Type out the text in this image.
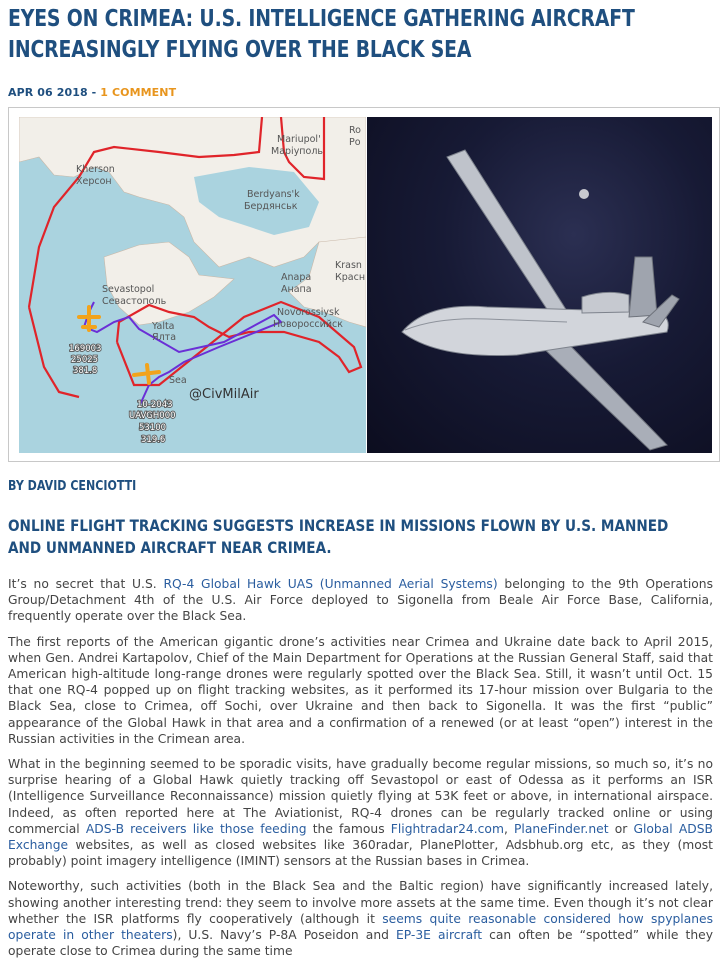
EYES ON CRIMEA: U.S. INTELLIGENCE GATHERING AIRCRAFT INCREASINGLY FLYING OVER THE BLACK SEA
APR 06 2018 - 1 COMMENT
Kherson
Херсон
Mariupol'
Маріуполь
Ro
Ро
Berdyans'k
Бердянськ
Krasn
Красн
Anapa
Анапа
Sevastopol
Севастополь
Yalta
Ялта
Novorossiysk
Новороссийск
Sea
@CivMilAir
169003
25025
381.8
10-2043
UAVGH000
53100
319.6
BY DAVID CENCIOTTI
ONLINE FLIGHT TRACKING SUGGESTS INCREASE IN MISSIONS FLOWN BY U.S. MANNED AND UNMANNED AIRCRAFT NEAR CRIMEA.

It’s no secret that U.S. RQ-4 Global Hawk UAS (Unmanned Aerial Systems) belonging to the 9th Operations Group/Detachment 4th of the U.S. Air Force deployed to Sigonella from Beale Air Force Base, California, frequently operate over the Black Sea.

The first reports of the American gigantic drone’s activities near Crimea and Ukraine date back to April 2015, when Gen. Andrei Kartapolov, Chief of the Main Department for Operations at the Russian General Staff, said that American high-altitude long-range drones were regularly spotted over the Black Sea. Still, it wasn’t until Oct. 15 that one RQ-4 popped up on flight tracking websites, as it performed its 17-hour mission over Bulgaria to the Black Sea, close to Crimea, off Sochi, over Ukraine and then back to Sigonella. It was the first “public” appearance of the Global Hawk in that area and a confirmation of a renewed (or at least “open”) interest in the Russian activities in the Crimean area.

What in the beginning seemed to be sporadic visits, have gradually become regular missions, so much so, it’s no surprise hearing of a Global Hawk quietly tracking off Sevastopol or east of Odessa as it performs an ISR (Intelligence Surveillance Reconnaissance) mission quietly flying at 53K feet or above, in international airspace. Indeed, as often reported here at The Aviationist, RQ-4 drones can be regularly tracked online or using commercial ADS-B receivers like those feeding the famous Flightradar24.com, PlaneFinder.net or Global ADSB Exchange websites, as well as closed websites like 360radar, PlanePlotter, Adsbhub.org etc, as they (most probably) point imagery intelligence (IMINT) sensors at the Russian bases in Crimea.

Noteworthy, such activities (both in the Black Sea and the Baltic region) have significantly increased lately, showing another interesting trend: they seem to involve more assets at the same time. Even though it’s not clear whether the ISR platforms fly cooperatively (although it seems quite reasonable considered how spyplanes operate in other theaters), U.S. Navy’s P-8A Poseidon and EP-3E aircraft can often be “spotted” while they operate close to Crimea during the same time
